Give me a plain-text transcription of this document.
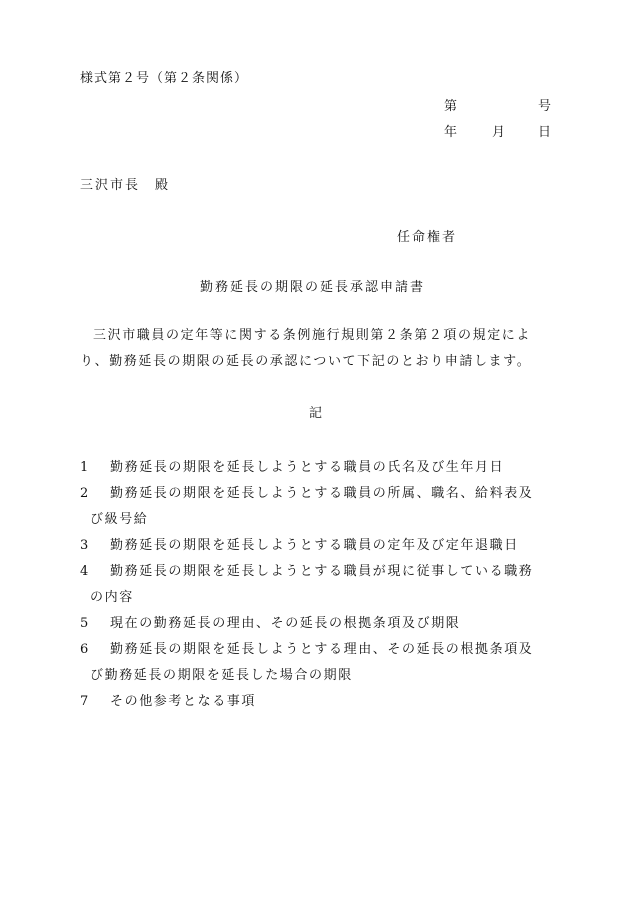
様式第２号（第２条関係）
第	号
年	月 日
三沢市長　殿
任命権者
勤務延長の期限の延長承認申請書
三沢市職員の定年等に関する条例施行規則第２条第２項の規定によ
り、勤務延長の期限の延長の承認について下記のとおり申請します。
記
1 勤務延長の期限を延長しようとする職員の氏名及び生年月日
2 勤務延長の期限を延長しようとする職員の所属、職名、給料表及
び級号給
3 勤務延長の期限を延長しようとする職員の定年及び定年退職日
4 勤務延長の期限を延長しようとする職員が現に従事している職務
の内容
5 現在の勤務延長の理由、その延長の根拠条項及び期限
6 勤務延長の期限を延長しようとする理由、その延長の根拠条項及
び勤務延長の期限を延長した場合の期限
7 その他参考となる事項
